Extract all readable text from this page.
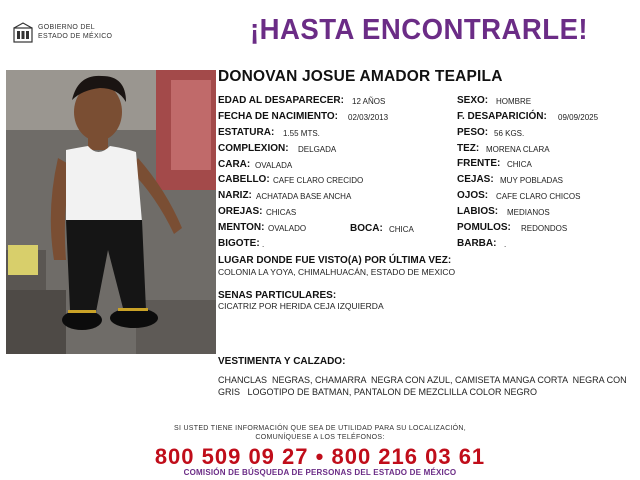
GOBIERNO DEL
ESTADO DE MÉXICO	¡HASTA ENCONTRARLE!
DONOVAN JOSUE AMADOR TEAPILA
EDAD AL DESAPARECER: 12 AÑOS
FECHA DE NACIMIENTO: 02/03/2013
ESTATURA: 1.55 MTS.
COMPLEXION: DELGADA
CARA: OVALADA
CABELLO: CAFE CLARO CRECIDO
NARIZ: ACHATADA BASE ANCHA
OREJAS: CHICAS
MENTON: OVALADO	BOCA: CHICA
BIGOTE: .
SEXO: HOMBRE
F. DESAPARICIÓN: 09/09/2025
PESO: 56 KGS.
TEZ: MORENA CLARA
FRENTE: CHICA
CEJAS: MUY POBLADAS
OJOS: CAFE CLARO CHICOS
LABIOS: MEDIANOS
POMULOS: REDONDOS
BARBA: .
LUGAR DONDE FUE VISTO(A) POR ÚLTIMA VEZ:
COLONIA LA YOYA, CHIMALHUACÁN, ESTADO DE MEXICO
SENAS PARTICULARES:
CICATRIZ POR HERIDA CEJA IZQUIERDA
VESTIMENTA Y CALZADO:
CHANCLAS  NEGRAS, CHAMARRA  NEGRA CON AZUL, CAMISETA MANGA CORTA  NEGRA CON GRIS   LOGOTIPO DE BATMAN, PANTALON DE MEZCLILLA COLOR NEGRO
SI USTED TIENE INFORMACIÓN QUE SEA DE UTILIDAD PARA SU LOCALIZACIÓN,
COMUNÍQUESE A LOS TELÉFONOS:
800 509 09 27 • 800 216 03 61
COMISIÓN DE BÚSQUEDA DE PERSONAS DEL ESTADO DE MÉXICO
